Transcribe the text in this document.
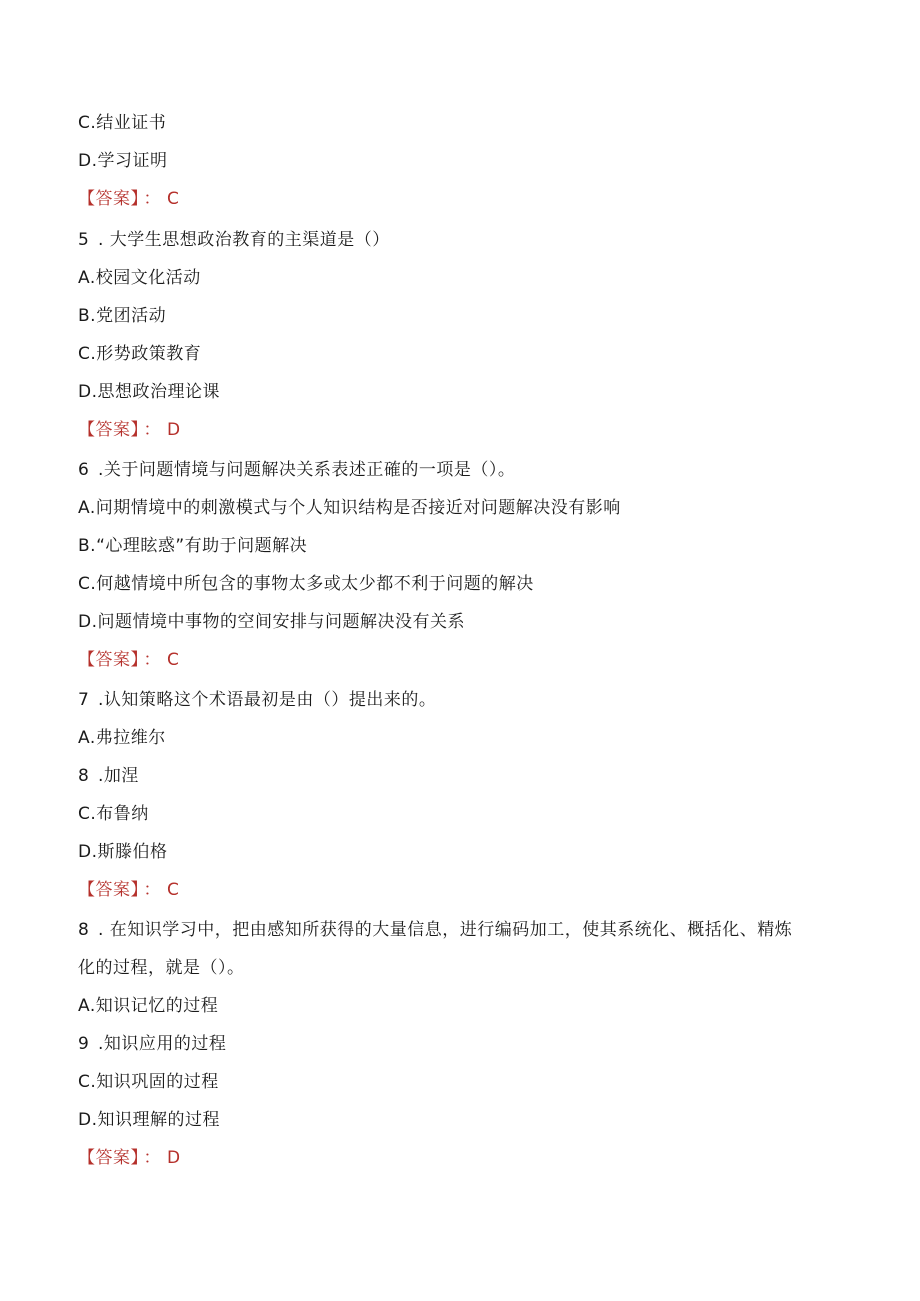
C.结业证书
D.学习证明
【答案】 ： C
5 . 大学生思想政治教育的主渠道是（）
A.校园文化活动
B.党团活动
C.形势政策教育
D.思想政治理论课
【答案】 ： D
6 .关于问题情境与问题解决关系表述正確的一项是（）。
A.问期情境中的刺激模式与个人知识结构是否接近对问题解决没有影响
B.“心理眩惑”有助于问题解决
C.何越情境中所包含的事物太多或太少都不利于问题的解决
D.问题情境中事物的空间安排与问题解决没有关系
【答案】 ： C
7 .认知策略这个术语最初是由（）提出来的。
A.弗拉维尔
8 .加涅
C.布鲁纳
D.斯滕伯格
【答案】 ： C
8 . 在知识学习中，把由感知所获得的大量信息，进行编码加工，使其系统化、概括化、精炼
化的过程，就是（）。
A.知识记忆的过程
9 .知识应用的过程
C.知识巩固的过程
D.知识理解的过程
【答案】 ： D
